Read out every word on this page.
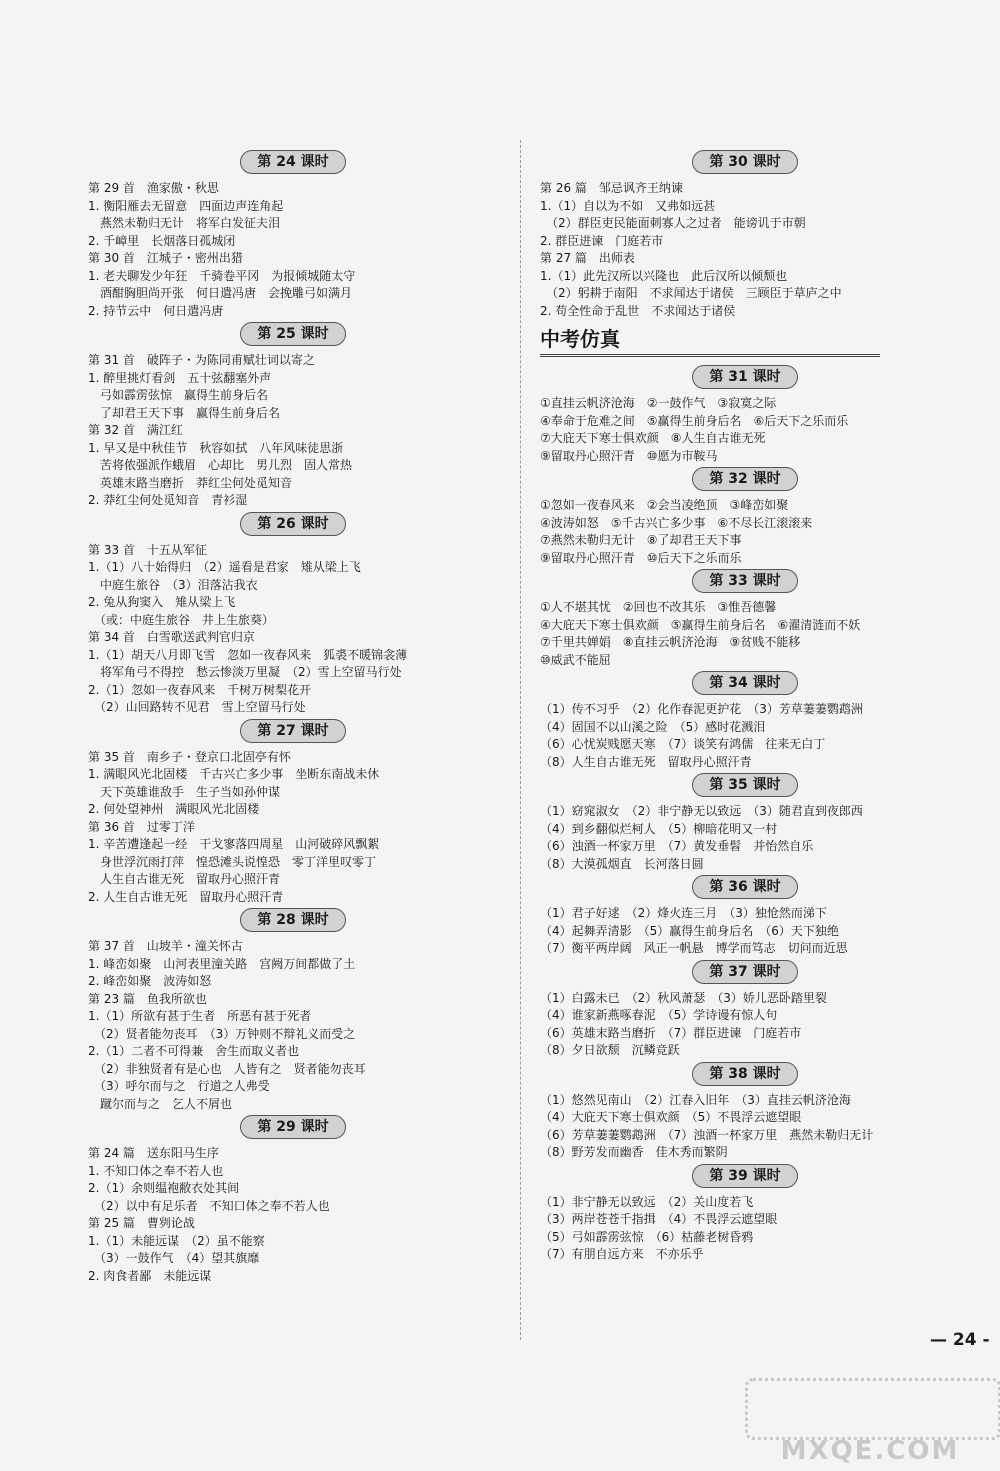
第 24 课时
第 29 首　渔家傲・秋思
1. 衡阳雁去无留意　四面边声连角起
　燕然未勒归无计　将军白发征夫泪
2. 千嶂里　长烟落日孤城闭
第 30 首　江城子・密州出猎
1. 老夫聊发少年狂　千骑卷平冈　为报倾城随太守
　酒酣胸胆尚开张　何日遣冯唐　会挽雕弓如满月
2. 持节云中　何日遣冯唐
第 25 课时
第 31 首　破阵子・为陈同甫赋壮词以寄之
1. 醉里挑灯看剑　五十弦翻塞外声
　弓如霹雳弦惊　赢得生前身后名
　了却君王天下事　赢得生前身后名
第 32 首　满江红
1. 早又是中秋佳节　秋容如拭　八年风味徒思浙
　苦将侬强派作蛾眉　心却比　男儿烈　固人常热
　英雄末路当磨折　莽红尘何处觅知音
2. 莽红尘何处觅知音　青衫湿
第 26 课时
第 33 首　十五从军征
1.（1）八十始得归　（2）遥看是君家　雉从梁上飞
　中庭生旅谷　（3）泪落沾我衣
2. 兔从狗窦入　雉从梁上飞
　（或：中庭生旅谷　井上生旅葵）
第 34 首　白雪歌送武判官归京
1.（1）胡天八月即飞雪　忽如一夜春风来　狐裘不暖锦衾薄
　将军角弓不得控　愁云惨淡万里凝　（2）雪上空留马行处
2.（1）忽如一夜春风来　千树万树梨花开
　（2）山回路转不见君　雪上空留马行处
第 27 课时
第 35 首　南乡子・登京口北固亭有怀
1. 满眼风光北固楼　千古兴亡多少事　坐断东南战未休
　天下英雄谁敌手　生子当如孙仲谋
2. 何处望神州　满眼风光北固楼
第 36 首　过零丁洋
1. 辛苦遭逢起一经　干戈寥落四周星　山河破碎风飘絮
　身世浮沉雨打萍　惶恐滩头说惶恐　零丁洋里叹零丁
　人生自古谁无死　留取丹心照汗青
2. 人生自古谁无死　留取丹心照汗青
第 28 课时
第 37 首　山坡羊・潼关怀古
1. 峰峦如聚　山河表里潼关路　宫阙万间都做了土
2. 峰峦如聚　波涛如怒
第 23 篇　鱼我所欲也
1.（1）所欲有甚于生者　所恶有甚于死者
　（2）贤者能勿丧耳　（3）万钟则不辩礼义而受之
2.（1）二者不可得兼　舍生而取义者也
　（2）非独贤者有是心也　人皆有之　贤者能勿丧耳
　（3）呼尔而与之　行道之人弗受
　蹴尔而与之　乞人不屑也
第 29 课时
第 24 篇　送东阳马生序
1. 不知口体之奉不若人也
2.（1）余则缊袍敝衣处其间
　（2）以中有足乐者　不知口体之奉不若人也
第 25 篇　曹刿论战
1.（1）未能远谋　（2）虽不能察
　（3）一鼓作气　（4）望其旗靡
2. 肉食者鄙　未能远谋
第 30 课时
第 26 篇　邹忌讽齐王纳谏
1.（1）自以为不如　又弗如远甚
　（2）群臣吏民能面刺寡人之过者　能谤讥于市朝
2. 群臣进谏　门庭若市
第 27 篇　出师表
1.（1）此先汉所以兴隆也　此后汉所以倾颓也
　（2）躬耕于南阳　不求闻达于诸侯　三顾臣于草庐之中
2. 苟全性命于乱世　不求闻达于诸侯
中考仿真
第 31 课时
①直挂云帆济沧海　②一鼓作气　③寂寞之际
④奉命于危难之间　⑤赢得生前身后名　⑥后天下之乐而乐
⑦大庇天下寒士俱欢颜　⑧人生自古谁无死
⑨留取丹心照汗青　⑩愿为市鞍马
第 32 课时
①忽如一夜春风来　②会当凌绝顶　③峰峦如聚
④波涛如怒　⑤千古兴亡多少事　⑥不尽长江滚滚来
⑦燕然未勒归无计　⑧了却君王天下事
⑨留取丹心照汗青　⑩后天下之乐而乐
第 33 课时
①人不堪其忧　②回也不改其乐　③惟吾德馨
④大庇天下寒士俱欢颜　⑤赢得生前身后名　⑥濯清涟而不妖
⑦千里共婵娟　⑧直挂云帆济沧海　⑨贫贱不能移
⑩威武不能屈
第 34 课时
（1）传不习乎　（2）化作春泥更护花　（3）芳草萋萋鹦鹉洲
（4）固国不以山溪之险　（5）感时花溅泪
（6）心忧炭贱愿天寒　（7）谈笑有鸿儒　往来无白丁
（8）人生自古谁无死　留取丹心照汗青
第 35 课时
（1）窈窕淑女　（2）非宁静无以致远　（3）随君直到夜郎西
（4）到乡翻似烂柯人　（5）柳暗花明又一村
（6）浊酒一杯家万里　（7）黄发垂髫　并怡然自乐
（8）大漠孤烟直　长河落日圆
第 36 课时
（1）君子好逑　（2）烽火连三月　（3）独怆然而涕下
（4）起舞弄清影　（5）赢得生前身后名　（6）天下独绝
（7）衡平两岸阔　风正一帆悬　博学而笃志　切问而近思
第 37 课时
（1）白露未已　（2）秋风萧瑟　（3）娇儿恶卧踏里裂
（4）谁家新燕啄春泥　（5）学诗谩有惊人句
（6）英雄末路当磨折　（7）群臣进谏　门庭若市
（8）夕日欲颓　沉鳞竞跃
第 38 课时
（1）悠然见南山　（2）江春入旧年　（3）直挂云帆济沧海
（4）大庇天下寒士俱欢颜　（5）不畏浮云遮望眼
（6）芳草萋萋鹦鹉洲　（7）浊酒一杯家万里　燕然未勒归无计
（8）野芳发而幽香　佳木秀而繁阴
第 39 课时
（1）非宁静无以致远　（2）关山度若飞
（3）两岸苍苍千指揖　（4）不畏浮云遮望眼
（5）弓如霹雳弦惊　（6）枯藤老树昏鸦
（7）有朋自远方来　不亦乐乎
— 24 -
MXQE.COM
